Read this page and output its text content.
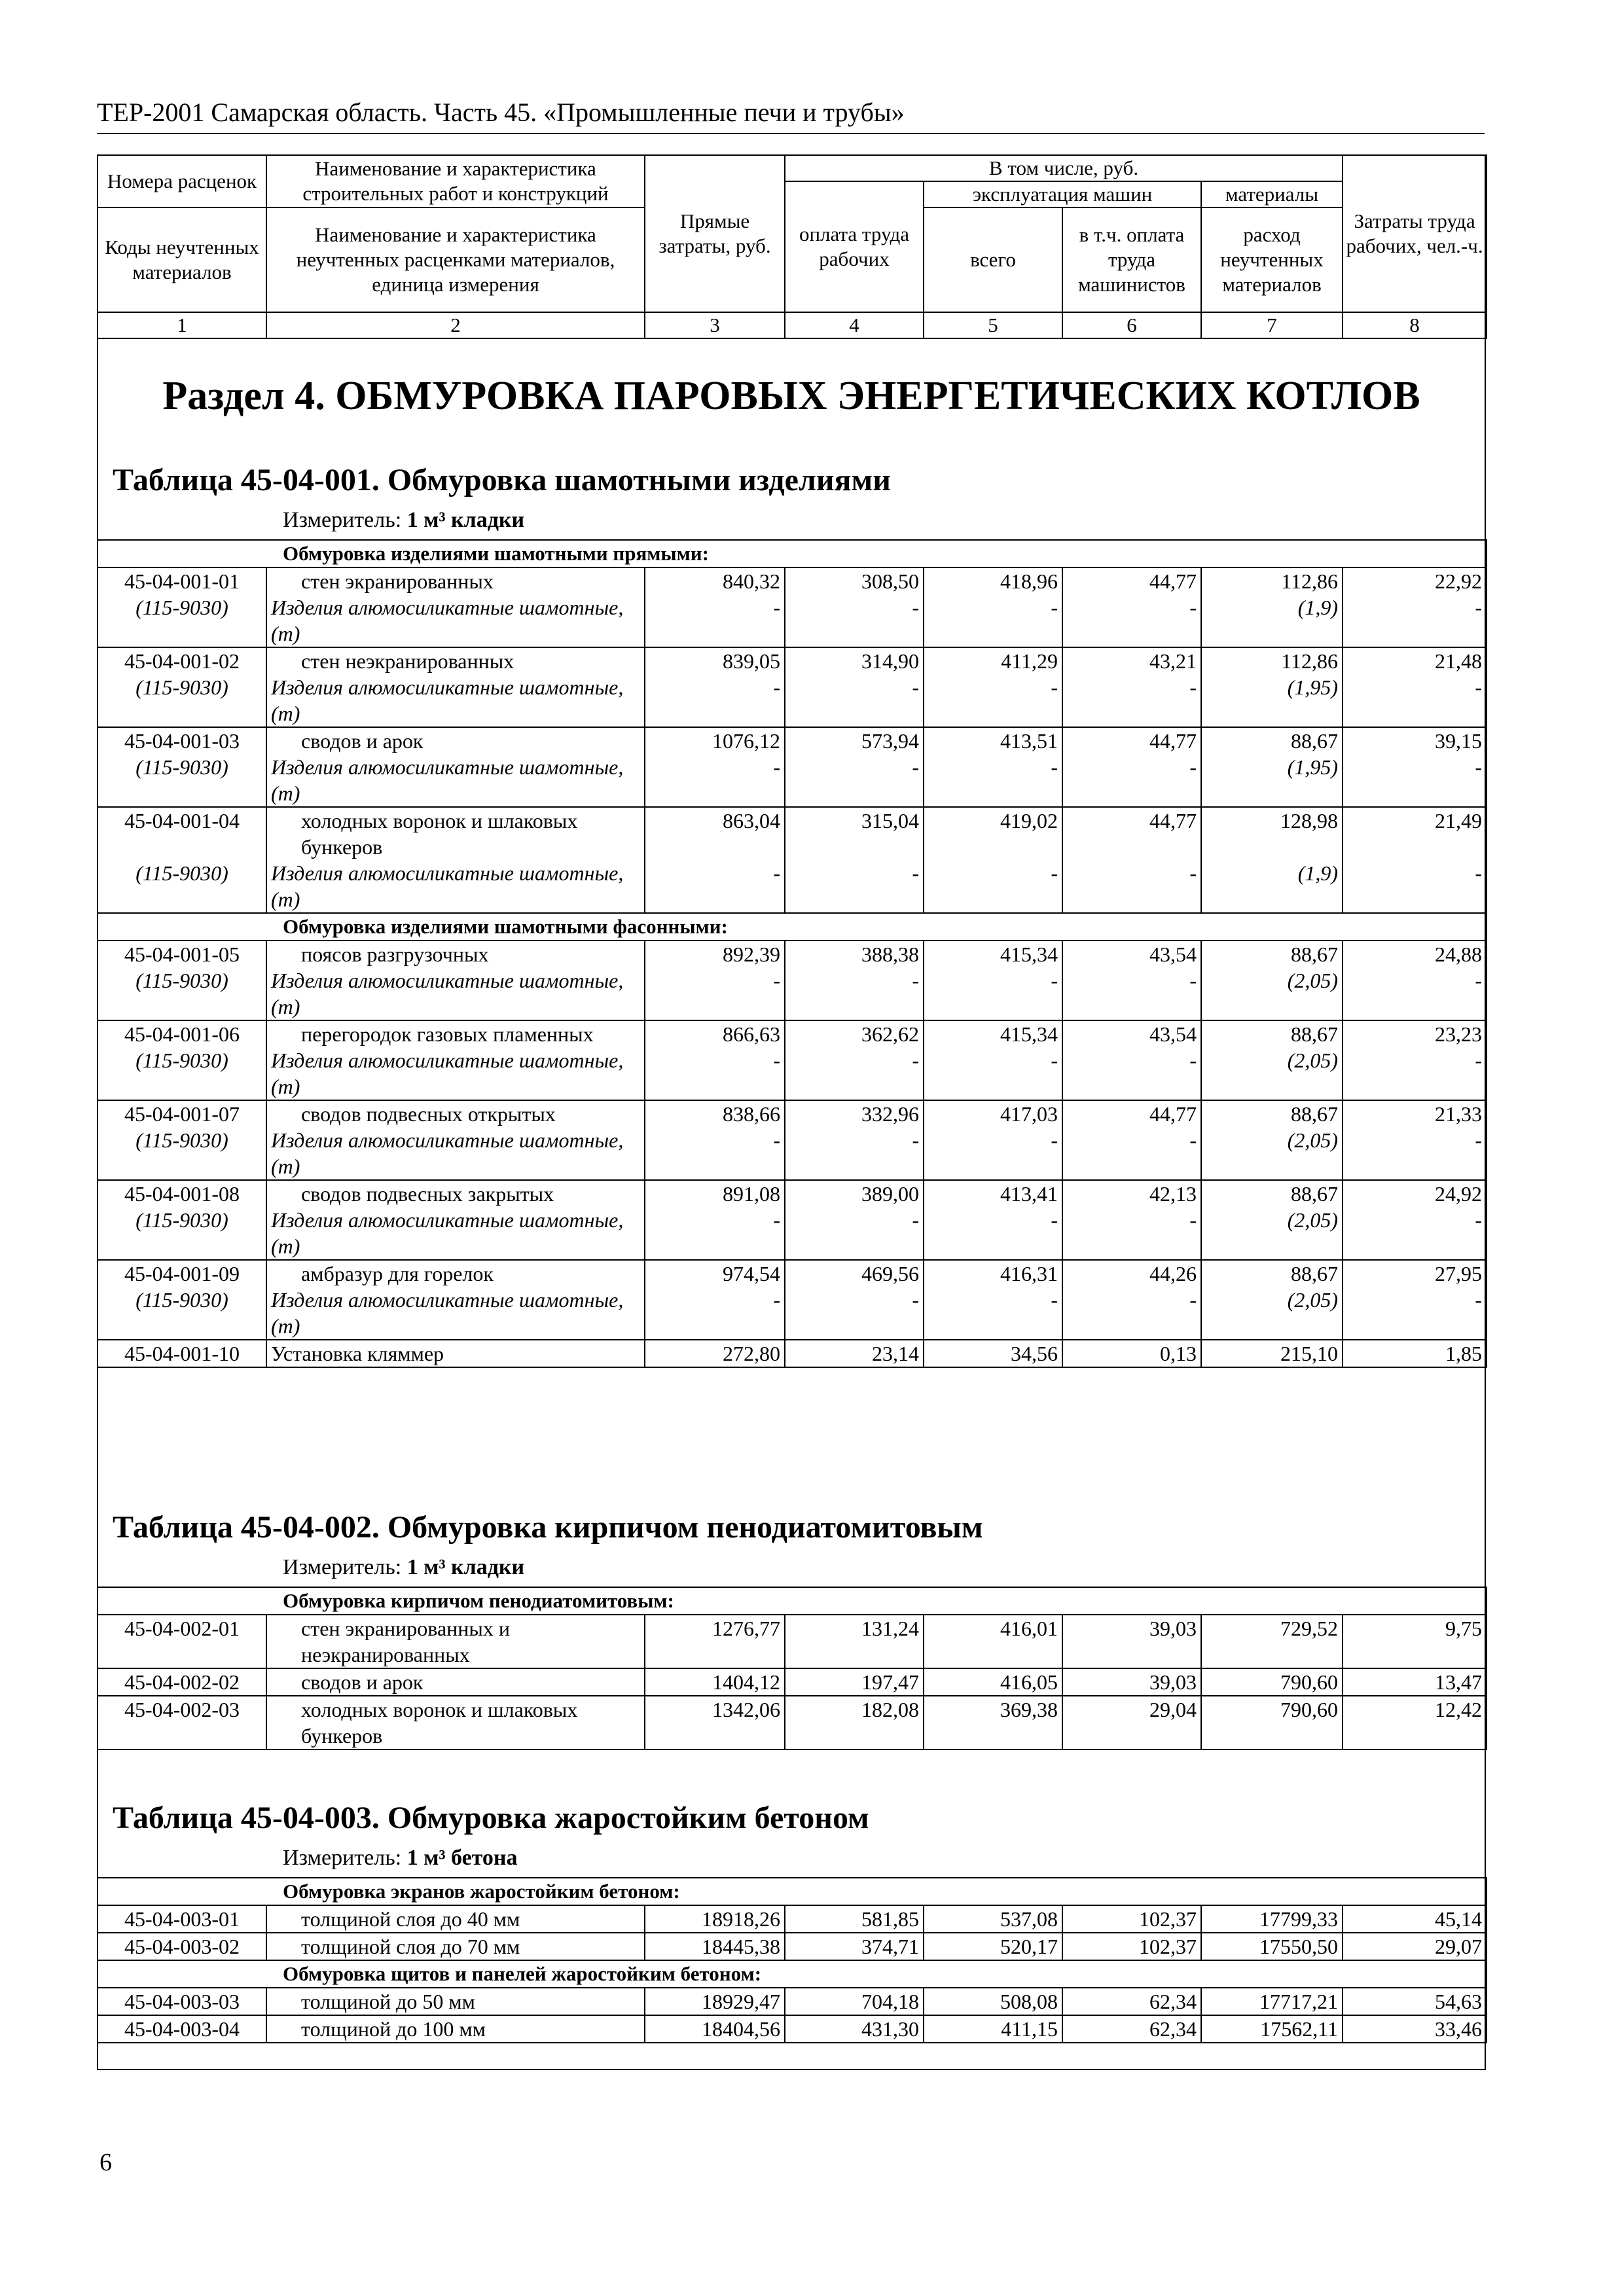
ТЕР-2001 Самарская область. Часть 45. «Промышленные печи и трубы»
Номера расценок	Наименование и характеристика строительных работ и конструкций	Прямые затраты, руб.	В том числе, руб.				Затраты труда рабочих, чел.-ч.
			оплата труда рабочих	эксплуатация машин		материалы	
Коды неучтенных материалов	Наименование и характеристика неучтенных расценками материалов, единица измерения			всего	в т.ч. оплата труда машинистов	расход неучтенных материалов	
1	2	3	4	5	6	7	8
Раздел 4. ОБМУРОВКА ПАРОВЫХ ЭНЕРГЕТИЧЕСКИХ КОТЛОВ
Таблица 45-04-001. Обмуровка шамотными изделиями
Измеритель: 1 м³ кладки
Обмуровка изделиями шамотными прямыми:							
45-04-001-01	стен экранированных	840,32	308,50	418,96	44,77	112,86	22,92
(115-9030)	Изделия алюмосиликатные шамотные, (т)	-	-	-	-	(1,9)	-
45-04-001-02	стен неэкранированных	839,05	314,90	411,29	43,21	112,86	21,48
(115-9030)	Изделия алюмосиликатные шамотные, (т)	-	-	-	-	(1,95)	-
45-04-001-03	сводов и арок	1076,12	573,94	413,51	44,77	88,67	39,15
(115-9030)	Изделия алюмосиликатные шамотные, (т)	-	-	-	-	(1,95)	-
45-04-001-04	холодных воронок и шлаковых бункеров	863,04	315,04	419,02	44,77	128,98	21,49
(115-9030)	Изделия алюмосиликатные шамотные, (т)	-	-	-	-	(1,9)	-
Обмуровка изделиями шамотными фасонными:							
45-04-001-05	поясов разгрузочных	892,39	388,38	415,34	43,54	88,67	24,88
(115-9030)	Изделия алюмосиликатные шамотные, (т)	-	-	-	-	(2,05)	-
45-04-001-06	перегородок газовых пламенных	866,63	362,62	415,34	43,54	88,67	23,23
(115-9030)	Изделия алюмосиликатные шамотные, (т)	-	-	-	-	(2,05)	-
45-04-001-07	сводов подвесных открытых	838,66	332,96	417,03	44,77	88,67	21,33
(115-9030)	Изделия алюмосиликатные шамотные, (т)	-	-	-	-	(2,05)	-
45-04-001-08	сводов подвесных закрытых	891,08	389,00	413,41	42,13	88,67	24,92
(115-9030)	Изделия алюмосиликатные шамотные, (т)	-	-	-	-	(2,05)	-
45-04-001-09	амбразур для горелок	974,54	469,56	416,31	44,26	88,67	27,95
(115-9030)	Изделия алюмосиликатные шамотные, (т)	-	-	-	-	(2,05)	-
45-04-001-10	Установка кляммер	272,80	23,14	34,56	0,13	215,10	1,85
Таблица 45-04-002. Обмуровка кирпичом пенодиатомитовым
Измеритель: 1 м³ кладки
Обмуровка кирпичом пенодиатомитовым:							
45-04-002-01	стен экранированных и неэкранированных	1276,77	131,24	416,01	39,03	729,52	9,75
45-04-002-02	сводов и арок	1404,12	197,47	416,05	39,03	790,60	13,47
45-04-002-03	холодных воронок и шлаковых бункеров	1342,06	182,08	369,38	29,04	790,60	12,42
Таблица 45-04-003. Обмуровка жаростойким бетоном
Измеритель: 1 м³ бетона
Обмуровка экранов жаростойким бетоном:							
45-04-003-01	толщиной слоя до 40 мм	18918,26	581,85	537,08	102,37	17799,33	45,14
45-04-003-02	толщиной слоя до 70 мм	18445,38	374,71	520,17	102,37	17550,50	29,07
Обмуровка щитов и панелей жаростойким бетоном:							
45-04-003-03	толщиной до 50 мм	18929,47	704,18	508,08	62,34	17717,21	54,63
45-04-003-04	толщиной до 100 мм	18404,56	431,30	411,15	62,34	17562,11	33,46
6
